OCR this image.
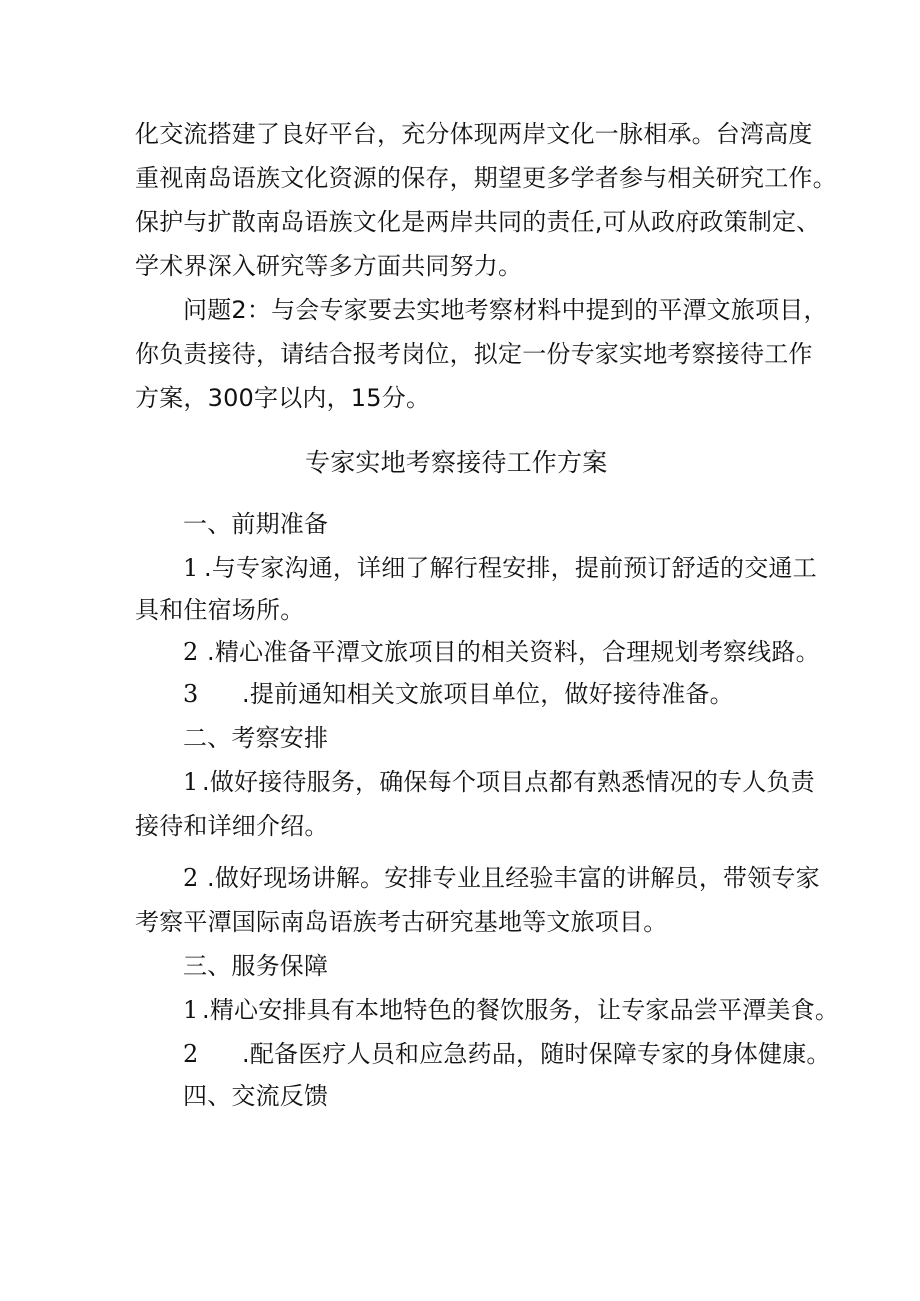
化交流搭建了良好平台，充分体现两岸文化一脉相承。台湾高度
重视南岛语族文化资源的保存，期望更多学者参与相关研究工作。
保护与扩散南岛语族文化是两岸共同的责任,可从政府政策制定、
学术界深入研究等多方面共同努力。
问题2：与会专家要去实地考察材料中提到的平潭文旅项目，
你负责接待，请结合报考岗位，拟定一份专家实地考察接待工作
方案，300字以内，15分。
专家实地考察接待工作方案
一、前期准备
1 .与专家沟通，详细了解行程安排，提前预订舒适的交通工
具和住宿场所。
2 .精心准备平潭文旅项目的相关资料，合理规划考察线路。
3 .提前通知相关文旅项目单位，做好接待准备。
二、考察安排
1 .做好接待服务，确保每个项目点都有熟悉情况的专人负责
接待和详细介绍。
2 .做好现场讲解。安排专业且经验丰富的讲解员，带领专家
考察平潭国际南岛语族考古研究基地等文旅项目。
三、服务保障
1 .精心安排具有本地特色的餐饮服务，让专家品尝平潭美食。
2 .配备医疗人员和应急药品，随时保障专家的身体健康。
四、交流反馈
